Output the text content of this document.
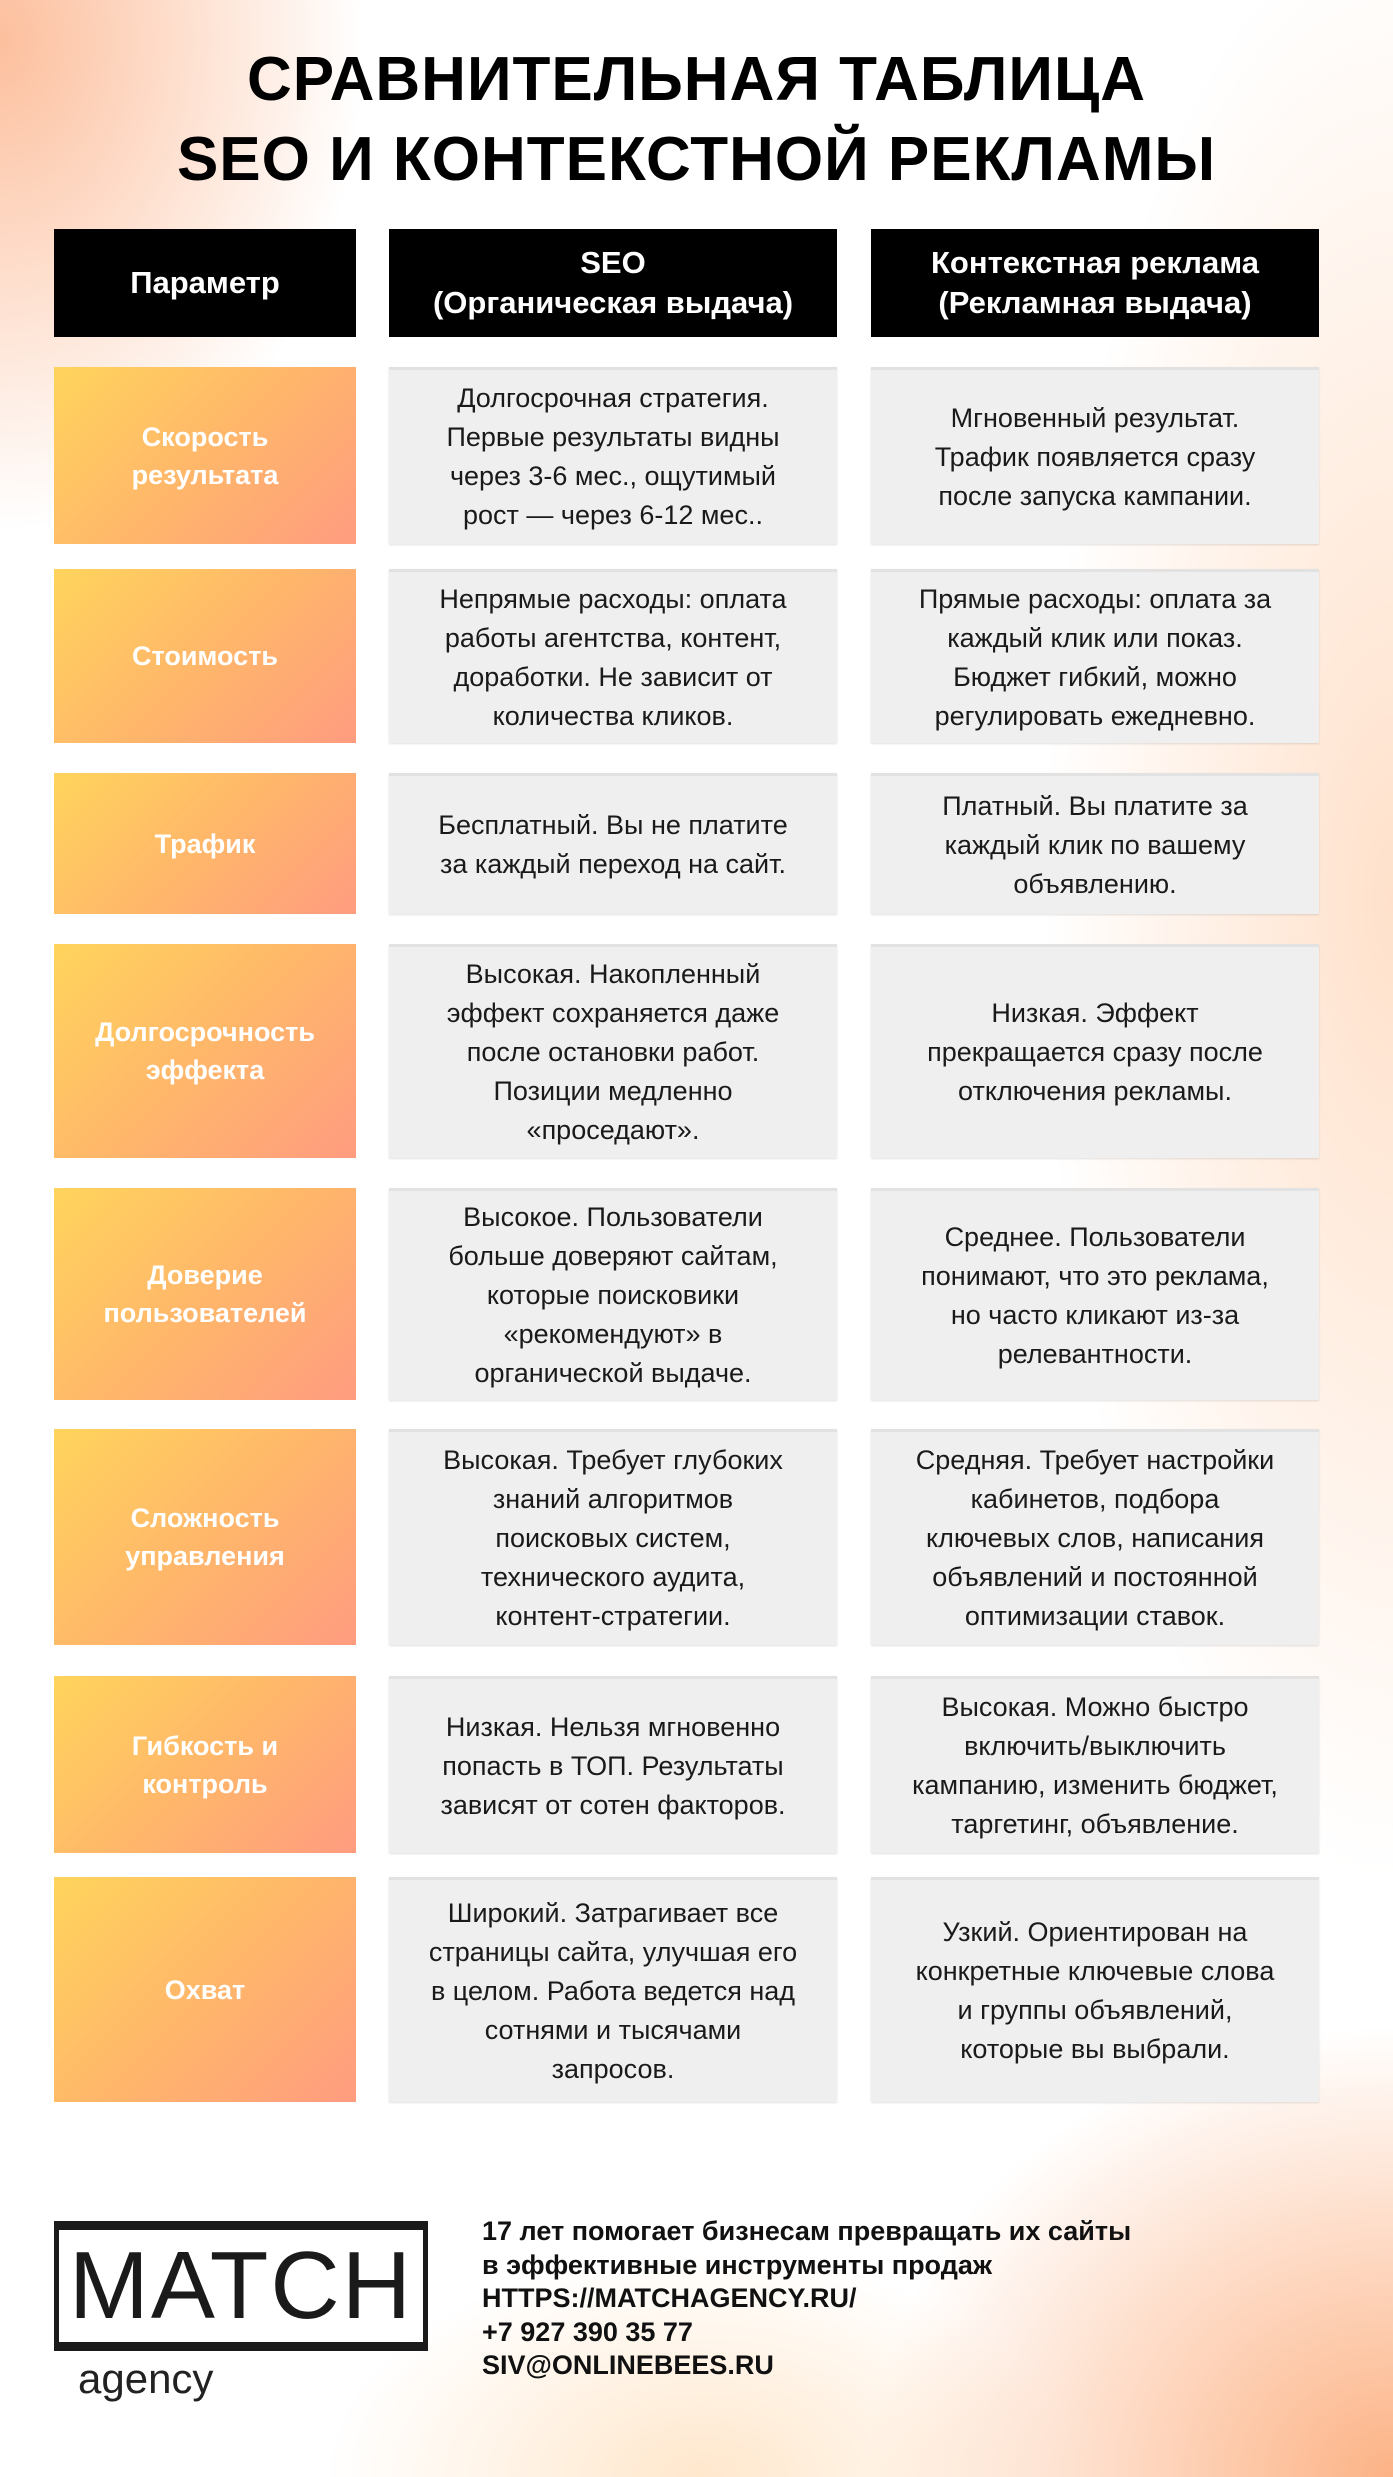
СРАВНИТЕЛЬНАЯ ТАБЛИЦА
SEO И КОНТЕКСТНОЙ РЕКЛАМЫ
Параметр
SEO
(Органическая выдача)
Контекстная реклама
(Рекламная выдача)
Скорость
результата
Долгосрочная стратегия.
Первые результаты видны
через 3-6 мес., ощутимый
рост — через 6-12 мес..
Мгновенный результат.
Трафик появляется сразу
после запуска кампании.
Стоимость
Непрямые расходы: оплата
работы агентства, контент,
доработки. Не зависит от
количества кликов.
Прямые расходы: оплата за
каждый клик или показ.
Бюджет гибкий, можно
регулировать ежедневно.
Трафик
Бесплатный. Вы не платите
за каждый переход на сайт.
Платный. Вы платите за
каждый клик по вашему
объявлению.
Долгосрочность
эффекта
Высокая. Накопленный
эффект сохраняется даже
после остановки работ.
Позиции медленно
«проседают».
Низкая. Эффект
прекращается сразу после
отключения рекламы.
Доверие
пользователей
Высокое. Пользователи
больше доверяют сайтам,
которые поисковики
«рекомендуют» в
органической выдаче.
Среднее. Пользователи
понимают, что это реклама,
но часто кликают из-за
релевантности.
Сложность
управления
Высокая. Требует глубоких
знаний алгоритмов
поисковых систем,
технического аудита,
контент-стратегии.
Средняя. Требует настройки
кабинетов, подбора
ключевых слов, написания
объявлений и постоянной
оптимизации ставок.
Гибкость и
контроль
Низкая. Нельзя мгновенно
попасть в ТОП. Результаты
зависят от сотен факторов.
Высокая. Можно быстро
включить/выключить
кампанию, изменить бюджет,
таргетинг, объявление.
Охват
Широкий. Затрагивает все
страницы сайта, улучшая его
в целом. Работа ведется над
сотнями и тысячами
запросов.
Узкий. Ориентирован на
конкретные ключевые слова
и группы объявлений,
которые вы выбрали.
MATCH
agency
17 лет помогает бизнесам превращать их сайты
в эффективные инструменты продаж
HTTPS://MATCHAGENCY.RU/
+7 927 390 35 77
SIV@ONLINEBEES.RU
